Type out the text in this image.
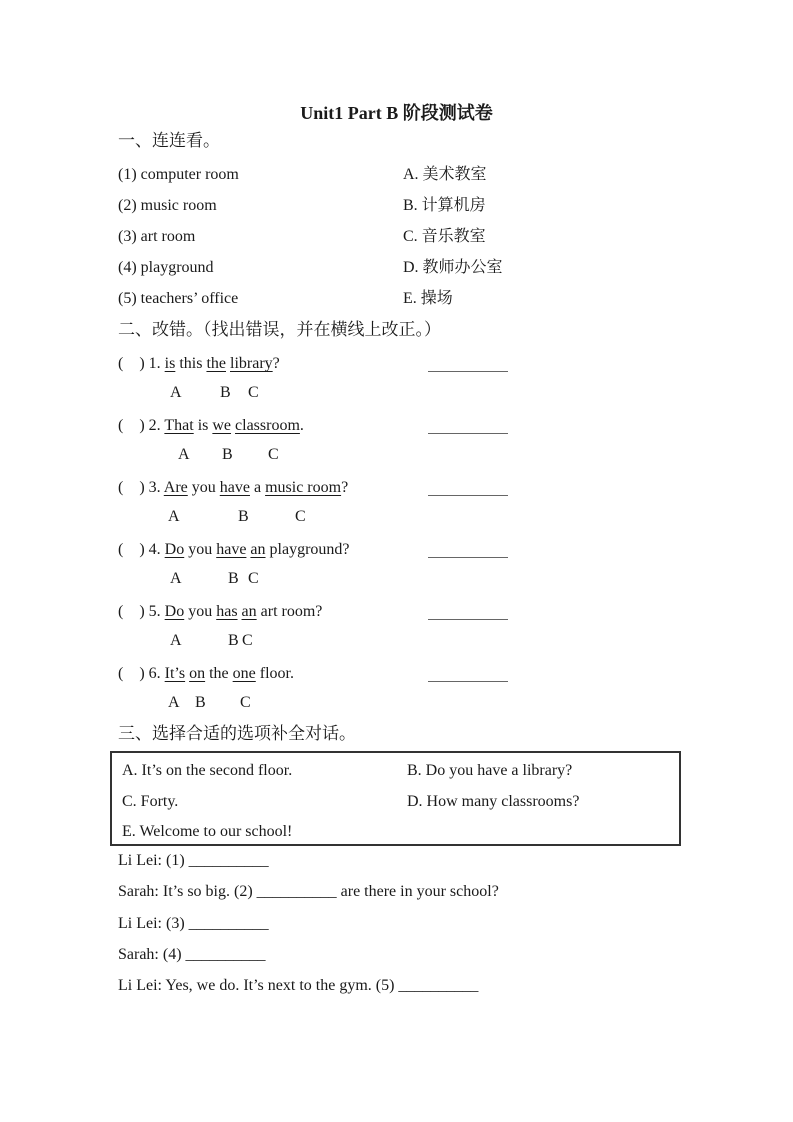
Unit1 Part B 阶段测试卷
一、连连看。
(1) computer room	A. 美术教室
(2) music room	B. 计算机房
(3) art room	C. 音乐教室
(4) playground	D. 教师办公室
(5) teachers’ office	E. 操场
二、改错。（找出错误，并在横线上改正。）
(    ) 1. is this the library?
A B C
(    ) 2. That is we classroom.
A B C
(    ) 3. Are you have a music room?
A	B	C
(    ) 4. Do you have an playground?
A	B C
(    ) 5. Do you has an art room?
A	B C
(    ) 6. It’s on the one floor.
A B C
三、选择合适的选项补全对话。
A. It’s on the second floor.	B. Do you have a library?
C. Forty.	D. How many classrooms?
E. Welcome to our school!
Li Lei: (1) __________
Sarah: It’s so big. (2) __________ are there in your school?
Li Lei: (3) __________
Sarah: (4) __________
Li Lei: Yes, we do. It’s next to the gym. (5) __________
